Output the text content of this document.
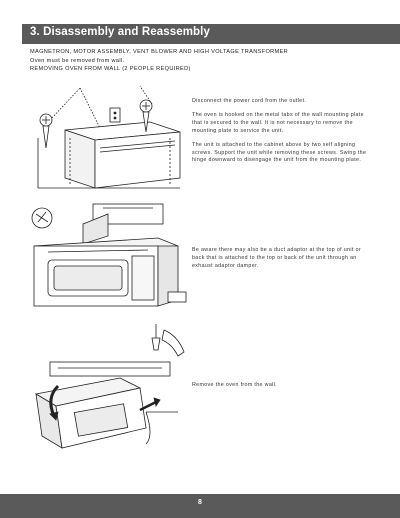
3. Disassembly and Reassembly
MAGNETRON, MOTOR ASSEMBLY, VENT BLOWER AND HIGH VOLTAGE TRANSFORMER
Oven must be removed from wall.
REMOVING OVEN FROM WALL (2 PEOPLE REQUIRED)

Disconnect the power cord from the outlet.

The oven is hooked on the metal tabs of the wall mounting plate that is secured to the wall. It is not necessary to remove the mounting plate to service the unit.

The unit is attached to the cabinet above by two self aligning screws. Support the unit while removing these screws. Swing the hinge downward to disengage the unit from the mounting plate.

Be aware there may also be a duct adaptor at the top of unit or back that is attached to the top or back of the unit through an exhaust adaptor damper.

Remove the oven from the wall.

8
